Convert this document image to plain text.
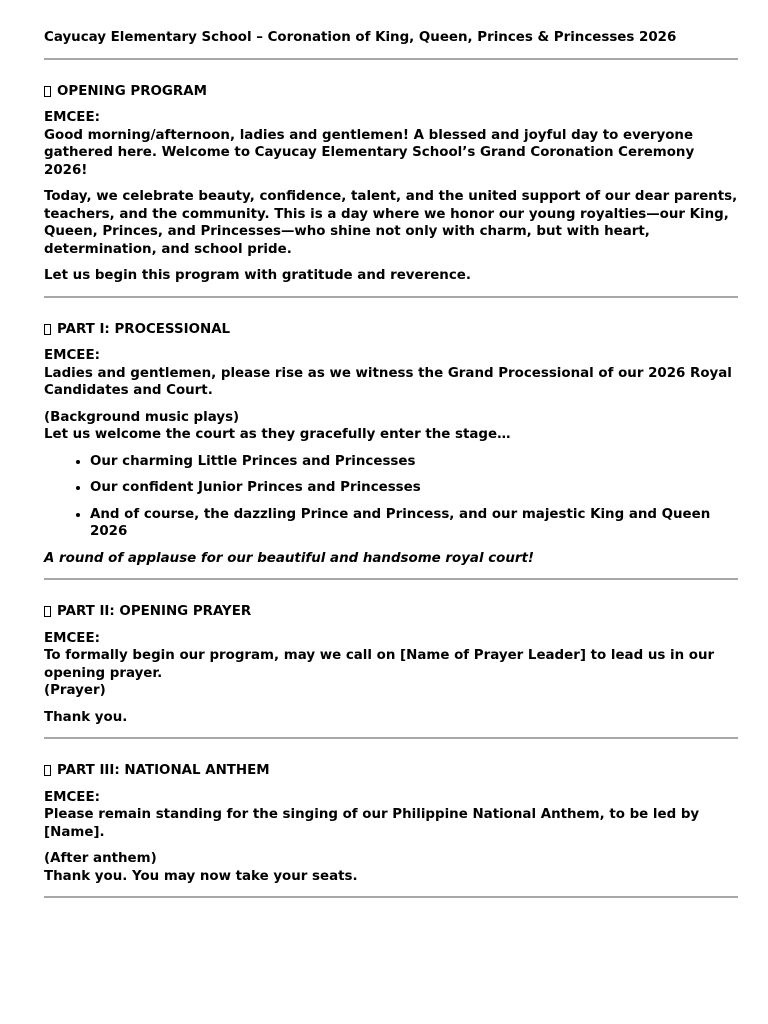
Cayucay Elementary School – Coronation of King, Queen, Princes & Princesses 2026
OPENING PROGRAM
EMCEE:
Good morning/afternoon, ladies and gentlemen! A blessed and joyful day to everyone gathered here. Welcome to Cayucay Elementary School’s Grand Coronation Ceremony 2026!
Today, we celebrate beauty, confidence, talent, and the united support of our dear parents, teachers, and the community. This is a day where we honor our young royalties—our King, Queen, Princes, and Princesses—who shine not only with charm, but with heart, determination, and school pride.
Let us begin this program with gratitude and reverence.
PART I: PROCESSIONAL
EMCEE:
Ladies and gentlemen, please rise as we witness the Grand Processional of our 2026 Royal Candidates and Court.
(Background music plays)
Let us welcome the court as they gracefully enter the stage…
• Our charming Little Princes and Princesses
• Our confident Junior Princes and Princesses
• And of course, the dazzling Prince and Princess, and our majestic King and Queen 2026
A round of applause for our beautiful and handsome royal court!
PART II: OPENING PRAYER
EMCEE:
To formally begin our program, may we call on [Name of Prayer Leader] to lead us in our opening prayer.
(Prayer)
Thank you.
PART III: NATIONAL ANTHEM
EMCEE:
Please remain standing for the singing of our Philippine National Anthem, to be led by [Name].
(After anthem)
Thank you. You may now take your seats.
